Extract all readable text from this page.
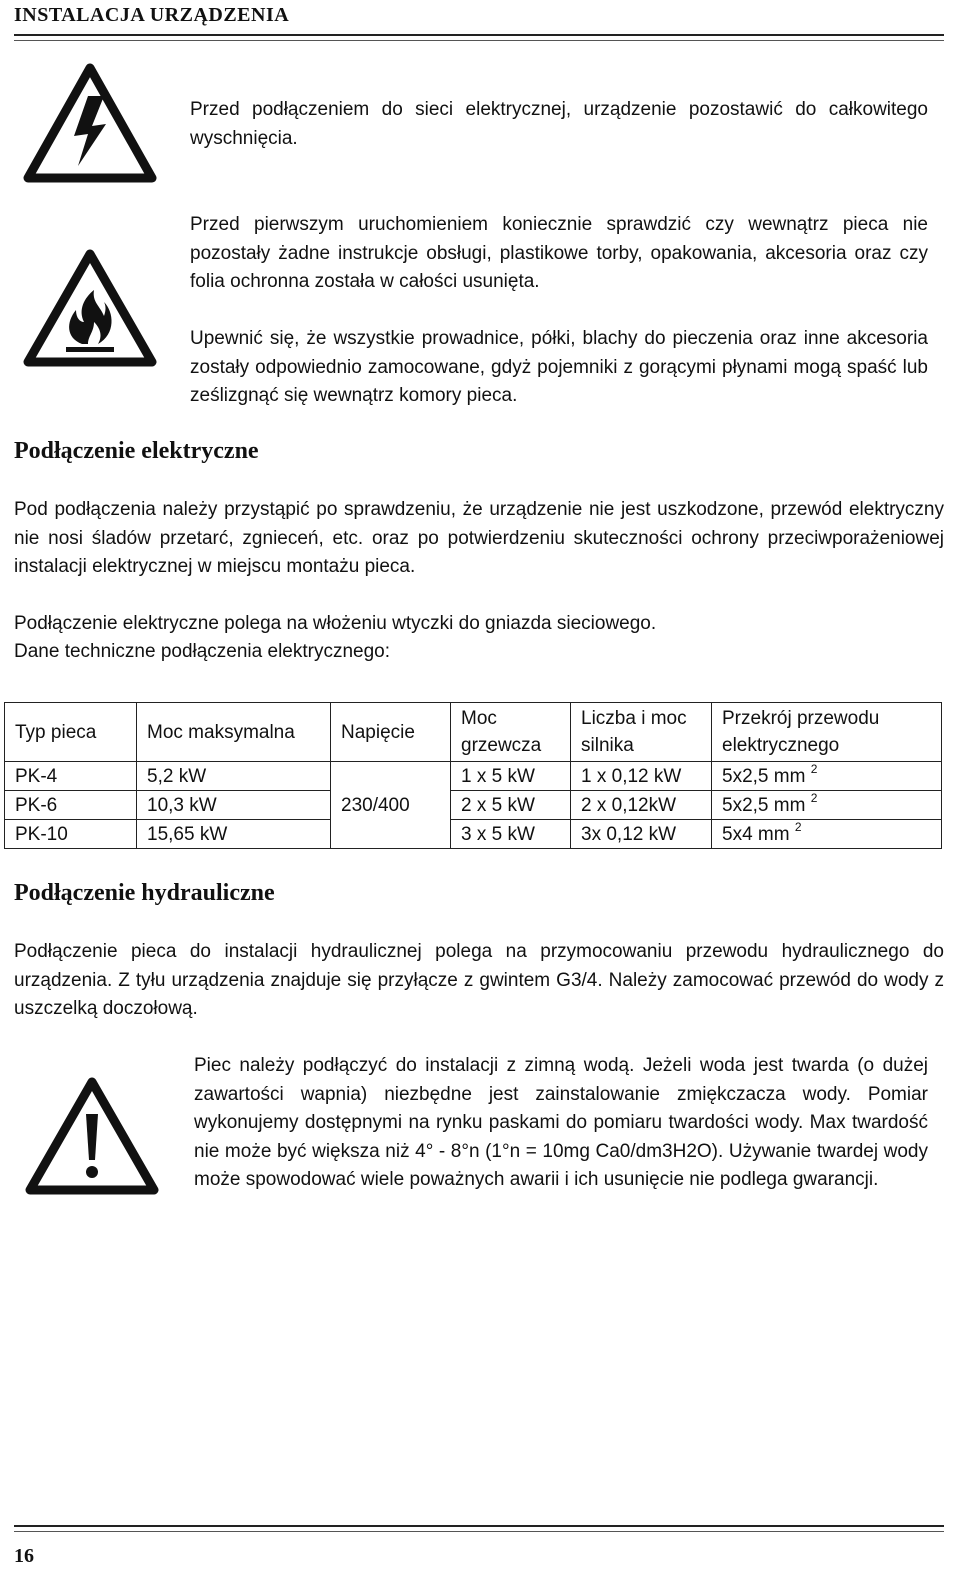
INSTALACJA URZĄDZENIA

Przed podłączeniem do sieci elektrycznej, urządzenie pozostawić do całkowitego wyschnięcia.

Przed pierwszym uruchomieniem koniecznie sprawdzić czy wewnątrz pieca nie pozostały żadne instrukcje obsługi, plastikowe torby, opakowania, akcesoria oraz czy folia ochronna została w całości usunięta.

Upewnić się, że wszystkie prowadnice, półki, blachy do pieczenia oraz inne akcesoria zostały odpowiednio zamocowane, gdyż pojemniki z gorącymi płynami mogą spaść lub ześlizgnąć się wewnątrz komory pieca.

Podłączenie elektryczne

Pod podłączenia należy przystąpić po sprawdzeniu, że urządzenie nie jest uszkodzone, przewód elektryczny nie nosi śladów przetarć, zgnieceń, etc. oraz po potwierdzeniu skuteczności ochrony przeciwporażeniowej instalacji elektrycznej w miejscu montażu pieca.

Podłączenie elektryczne polega na włożeniu wtyczki do gniazda sieciowego.

Dane techniczne podłączenia elektrycznego:

Typ pieca	Moc maksymalna	Napięcie	Moc grzewcza	Liczba i moc silnika	Przekrój przewodu elektrycznego
PK-4	5,2 kW	230/400	1 x 5 kW	1 x 0,12 kW	5x2,5 mm $^2$
PK-6	10,3 kW		2 x 5 kW	2 x 0,12kW	5x2,5 mm $^2$
PK-10	15,65 kW		3 x 5 kW	3x 0,12 kW	5x4 mm $^2$
Podłączenie hydrauliczne

Podłączenie pieca do instalacji hydraulicznej polega na przymocowaniu przewodu hydraulicznego do urządzenia. Z tyłu urządzenia znajduje się przyłącze z gwintem G3/4. Należy zamocować przewód do wody z uszczelką doczołową.

Piec należy podłączyć do instalacji z zimną wodą. Jeżeli woda jest twarda (o dużej zawartości wapnia) niezbędne jest zainstalowanie zmiękczacza wody. Pomiar wykonujemy dostępnymi na rynku paskami do pomiaru twardości wody. Max twardość nie może być większa niż 4° - 8°n (1°n = 10mg Ca0/dm3H2O). Używanie twardej wody może spowodować wiele poważnych awarii i ich usunięcie nie podlega gwarancji.

16
